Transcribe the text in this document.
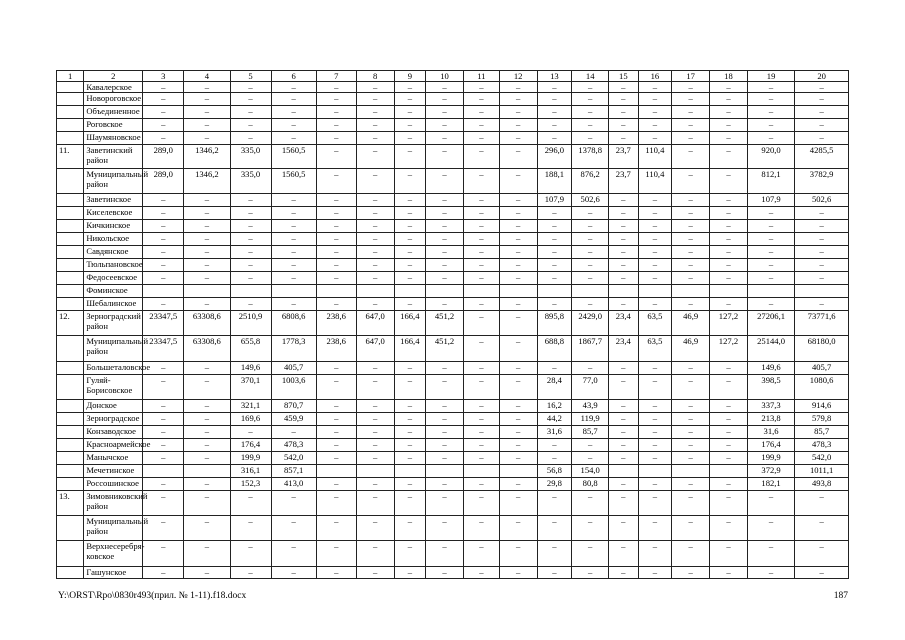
1	2	3	4	5	6	7	8	9	10	11	12	13	14	15	16	17	18	19	20
	Кавалерское	–	–	–	–	–	–	–	–	–	–	–	–	–	–	–	–	–	–
	Новороговское	–	–	–	–	–	–	–	–	–	–	–	–	–	–	–	–	–	–
	Объединенное	–	–	–	–	–	–	–	–	–	–	–	–	–	–	–	–	–	–
	Роговское	–	–	–	–	–	–	–	–	–	–	–	–	–	–	–	–	–	–
	Шаумяновское	–	–	–	–	–	–	–	–	–	–	–	–	–	–	–	–	–	–
11.	Заветинский район	289,0	1346,2	335,0	1560,5	–	–	–	–	–	–	296,0	1378,8	23,7	110,4	–	–	920,0	4285,5
	Муниципальный район	289,0	1346,2	335,0	1560,5	–	–	–	–	–	–	188,1	876,2	23,7	110,4	–	–	812,1	3782,9
	Заветинское	–	–	–	–	–	–	–	–	–	–	107,9	502,6	–	–	–	–	107,9	502,6
	Киселевское	–	–	–	–	–	–	–	–	–	–	–	–	–	–	–	–	–	–
	Кичкинское	–	–	–	–	–	–	–	–	–	–	–	–	–	–	–	–	–	–
	Никольское	–	–	–	–	–	–	–	–	–	–	–	–	–	–	–	–	–	–
	Савдянское	–	–	–	–	–	–	–	–	–	–	–	–	–	–	–	–	–	–
	Тюльпановское	–	–	–	–	–	–	–	–	–	–	–	–	–	–	–	–	–	–
	Федосеевское	–	–	–	–	–	–	–	–	–	–	–	–	–	–	–	–	–	–
	Фоминское																		
	Шебалинское	–	–	–	–	–	–	–	–	–	–	–	–	–	–	–	–	–	–
12.	Зерноградский район	23347,5	63308,6	2510,9	6808,6	238,6	647,0	166,4	451,2	–	–	895,8	2429,0	23,4	63,5	46,9	127,2	27206,1	73771,6
	Муниципальный район	23347,5	63308,6	655,8	1778,3	238,6	647,0	166,4	451,2	–	–	688,8	1867,7	23,4	63,5	46,9	127,2	25144,0	68180,0
	Большеталовское	–	–	149,6	405,7	–	–	–	–	–	–	–	–	–	–	–	–	149,6	405,7
	Гуляй-Борисовское	–	–	370,1	1003,6	–	–	–	–	–	–	28,4	77,0	–	–	–	–	398,5	1080,6
	Донское	–	–	321,1	870,7	–	–	–	–	–	–	16,2	43,9	–	–	–	–	337,3	914,6
	Зерноградское	–	–	169,6	459,9	–	–	–	–	–	–	44,2	119,9	–	–	–	–	213,8	579,8
	Конзаводское	–	–	–	–	–	–	–	–	–	–	31,6	85,7	–	–	–	–	31,6	85,7
	Красноармейское	–	–	176,4	478,3	–	–	–	–	–	–	–	–	–	–	–	–	176,4	478,3
	Манычское	–	–	199,9	542,0	–	–	–	–	–	–	–	–	–	–	–	–	199,9	542,0
	Мечетинское			316,1	857,1							56,8	154,0					372,9	1011,1
	Россошинское	–	–	152,3	413,0	–	–	–	–	–	–	29,8	80,8	–	–	–	–	182,1	493,8
13.	Зимовниковский район	–	–	–	–	–	–	–	–	–	–	–	–	–	–	–	–	–	–
	Муниципальный район	–	–	–	–	–	–	–	–	–	–	–	–	–	–	–	–	–	–
	Верхнесеребря-ковское	–	–	–	–	–	–	–	–	–	–	–	–	–	–	–	–	–	–
	Гашунское	–	–	–	–	–	–	–	–	–	–	–	–	–	–	–	–	–	–
Y:\ORST\Rpo\0830r493(прил. № 1-11).f18.docx	187
